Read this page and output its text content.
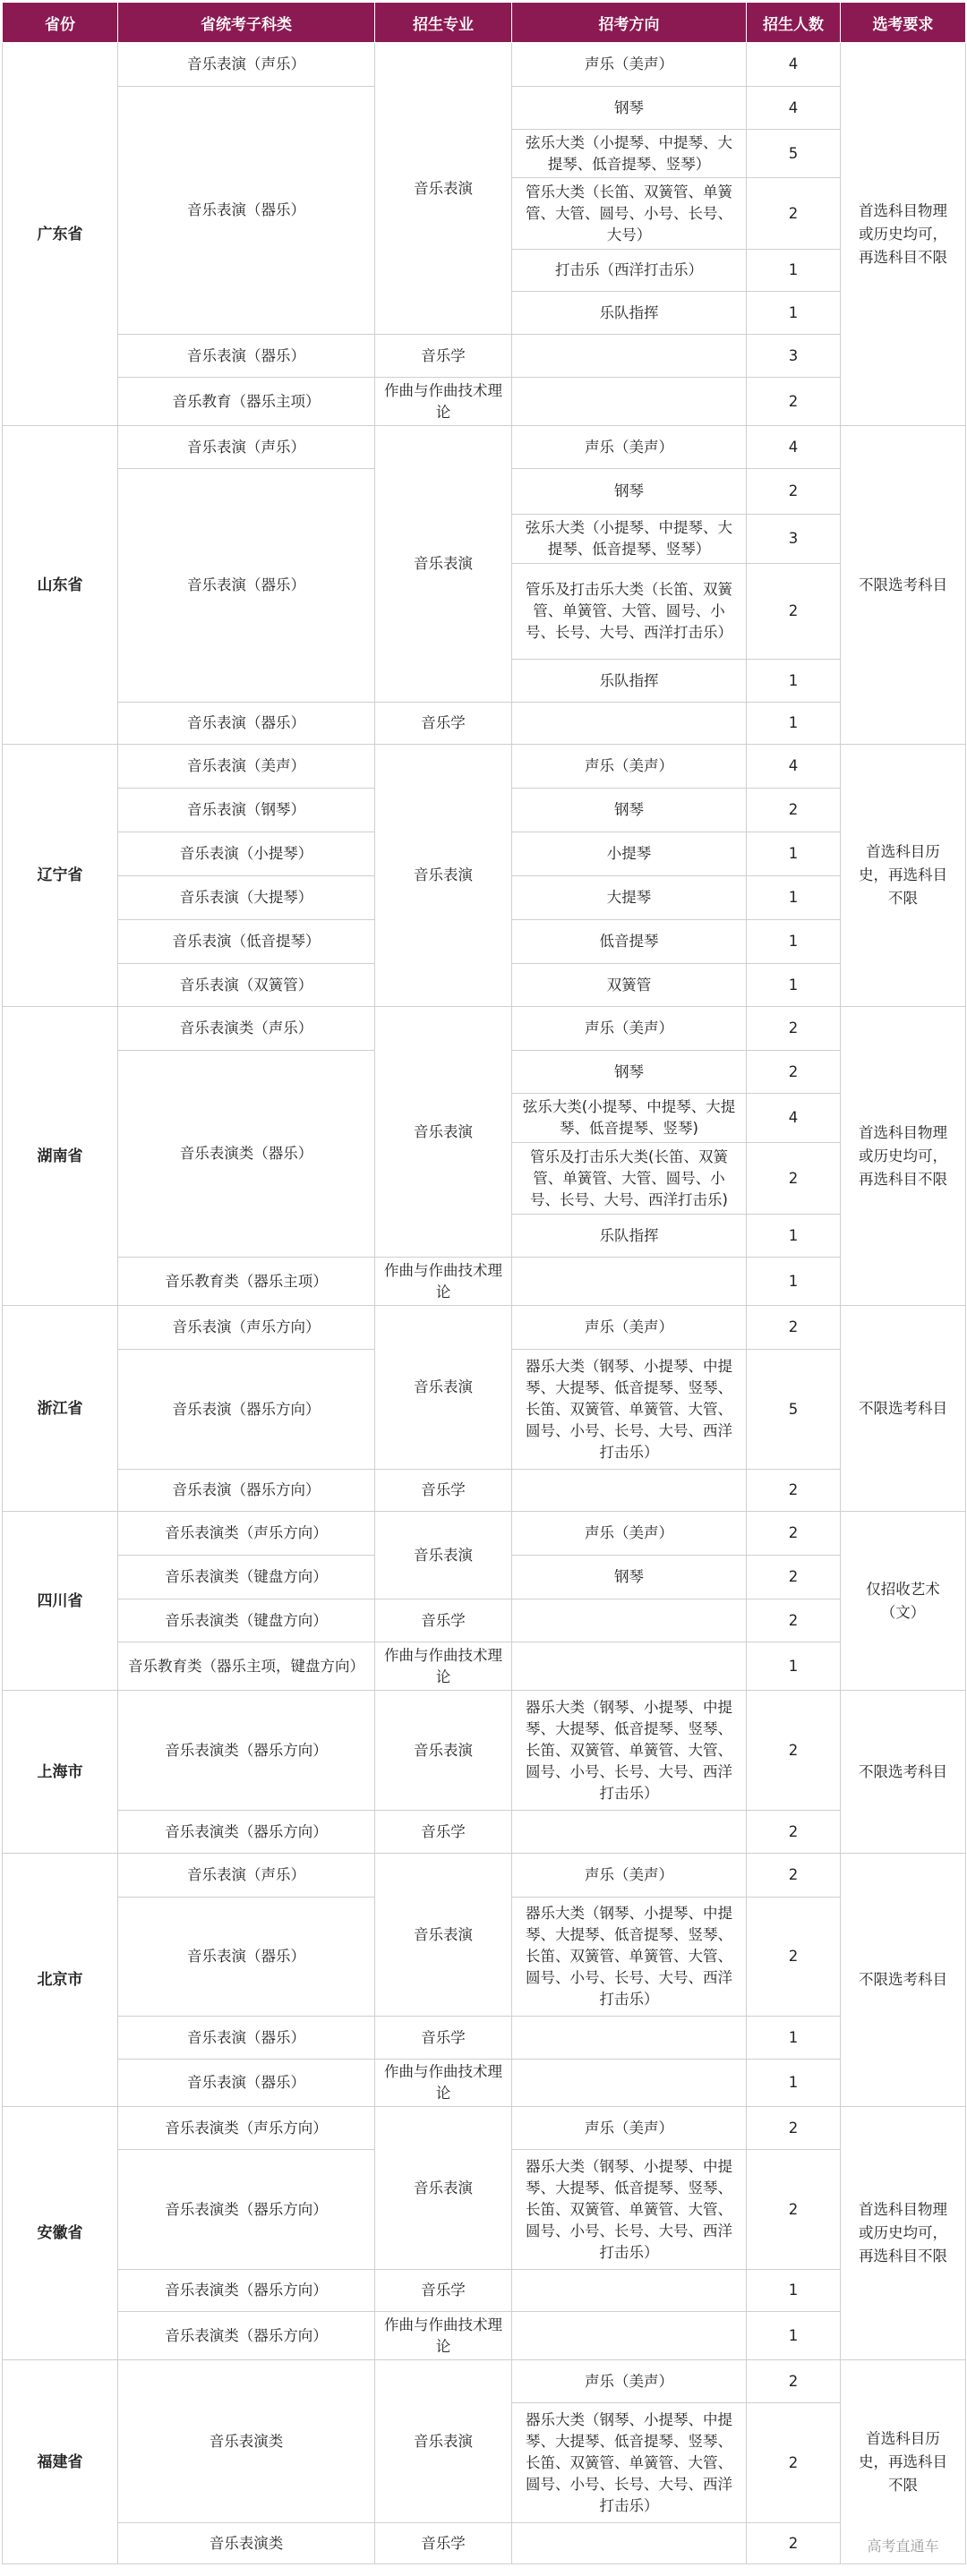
省份	省统考子科类	招生专业	招考方向	招生人数	选考要求
广东省	音乐表演（声乐）	音乐表演	声乐（美声）	4	首选科目物理或历史均可，再选科目不限
	音乐表演（器乐）		钢琴	4	
			弦乐大类（小提琴、中提琴、大提琴、低音提琴、竖琴）	5	
			管乐大类（长笛、双簧管、单簧管、大管、圆号、小号、长号、大号）	2	
			打击乐（西洋打击乐）	1	
			乐队指挥	1	
	音乐表演（器乐）	音乐学		3	
	音乐教育（器乐主项）	作曲与作曲技术理论		2	
山东省	音乐表演（声乐）	音乐表演	声乐（美声）	4	不限选考科目
	音乐表演（器乐）		钢琴	2	
			弦乐大类（小提琴、中提琴、大提琴、低音提琴、竖琴）	3	
			管乐及打击乐大类（长笛、双簧管、单簧管、大管、圆号、小号、长号、大号、西洋打击乐）	2	
			乐队指挥	1	
	音乐表演（器乐）	音乐学		1	
辽宁省	音乐表演（美声）	音乐表演	声乐（美声）	4	首选科目历史，再选科目不限
	音乐表演（钢琴）		钢琴	2	
	音乐表演（小提琴）		小提琴	1	
	音乐表演（大提琴）		大提琴	1	
	音乐表演（低音提琴）		低音提琴	1	
	音乐表演（双簧管）		双簧管	1	
湖南省	音乐表演类（声乐）	音乐表演	声乐（美声）	2	首选科目物理或历史均可，再选科目不限
	音乐表演类（器乐）		钢琴	2	
			弦乐大类(小提琴、中提琴、大提琴、低音提琴、竖琴)	4	
			管乐及打击乐大类(长笛、双簧管、单簧管、大管、圆号、小号、长号、大号、西洋打击乐)	2	
			乐队指挥	1	
	音乐教育类（器乐主项）	作曲与作曲技术理论		1	
浙江省	音乐表演（声乐方向）	音乐表演	声乐（美声）	2	不限选考科目
	音乐表演（器乐方向）		器乐大类（钢琴、小提琴、中提琴、大提琴、低音提琴、竖琴、长笛、双簧管、单簧管、大管、圆号、小号、长号、大号、西洋打击乐）	5	
	音乐表演（器乐方向）	音乐学		2	
四川省	音乐表演类（声乐方向）	音乐表演	声乐（美声）	2	仅招收艺术（文）
	音乐表演类（键盘方向）		钢琴	2	
	音乐表演类（键盘方向）	音乐学		2	
	音乐教育类（器乐主项，键盘方向）	作曲与作曲技术理论		1	
上海市	音乐表演类（器乐方向）	音乐表演	器乐大类（钢琴、小提琴、中提琴、大提琴、低音提琴、竖琴、长笛、双簧管、单簧管、大管、圆号、小号、长号、大号、西洋打击乐）	2	不限选考科目
	音乐表演类（器乐方向）	音乐学		2	
北京市	音乐表演（声乐）	音乐表演	声乐（美声）	2	不限选考科目
	音乐表演（器乐）		器乐大类（钢琴、小提琴、中提琴、大提琴、低音提琴、竖琴、长笛、双簧管、单簧管、大管、圆号、小号、长号、大号、西洋打击乐）	2	
	音乐表演（器乐）	音乐学		1	
	音乐表演（器乐）	作曲与作曲技术理论		1	
安徽省	音乐表演类（声乐方向）	音乐表演	声乐（美声）	2	首选科目物理或历史均可，再选科目不限
	音乐表演类（器乐方向）		器乐大类（钢琴、小提琴、中提琴、大提琴、低音提琴、竖琴、长笛、双簧管、单簧管、大管、圆号、小号、长号、大号、西洋打击乐）	2	
	音乐表演类（器乐方向）	音乐学		1	
	音乐表演类（器乐方向）	作曲与作曲技术理论		1	
福建省	音乐表演类	音乐表演	声乐（美声）	2	首选科目历史，再选科目不限
高考直通车

			器乐大类（钢琴、小提琴、中提琴、大提琴、低音提琴、竖琴、长笛、双簧管、单簧管、大管、圆号、小号、长号、大号、西洋打击乐）	2	
	音乐表演类	音乐学		2	
